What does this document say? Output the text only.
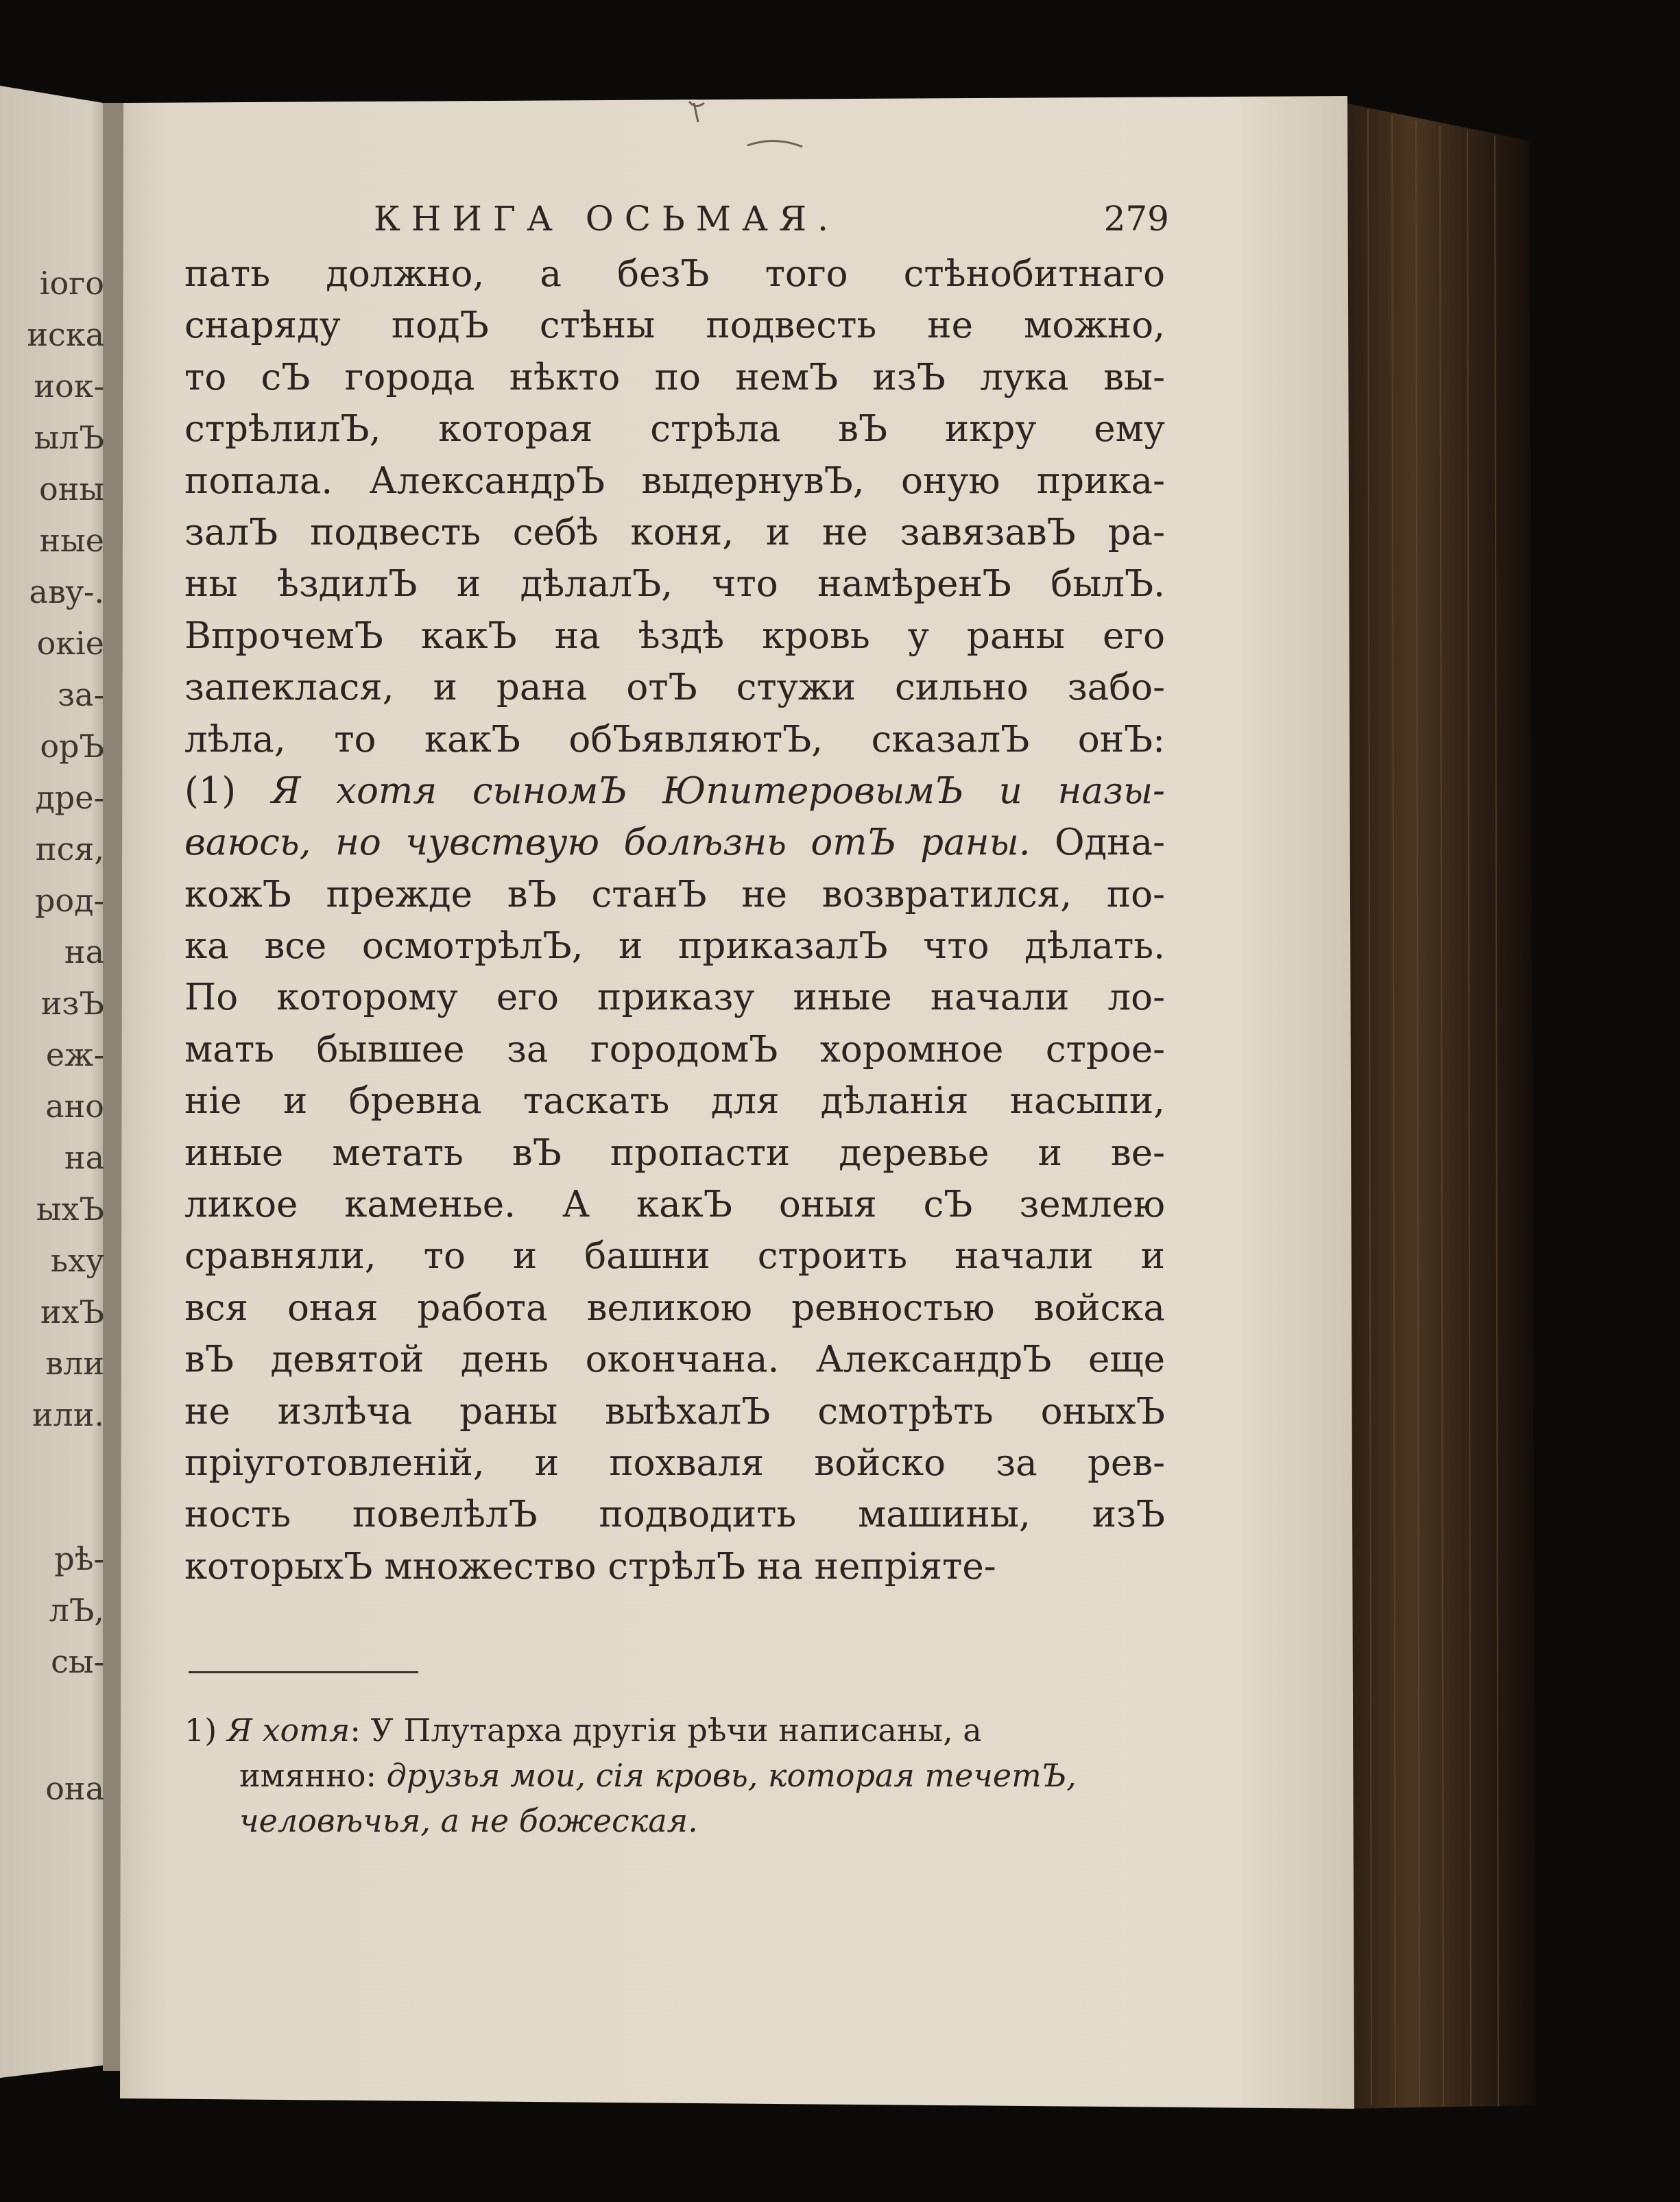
iого
иска
иок-
ылЪ
оны
ныe
авy-.
окie
за-
орЪ
дре-
пся,
род-
на
изЪ
еж-
ано
на
ыхЪ
ьху
ихЪ
вли
или.
рѣ-
лЪ,
сы-
она
КНИГА ОСЬМАЯ.	279
пать должно, а безЪ того стѣнобитнаго
снаряду подЪ стѣны подвесть не можно,
то сЪ города нѣкто по немЪ изЪ лука вы-
стрѣлилЪ, которая стрѣла вЪ икру ему
попала. АлександрЪ выдернувЪ, оную прика-
залЪ подвесть себѣ коня, и не завязавЪ ра-
ны ѣздилЪ и дѣлалЪ, что намѣренЪ былЪ.
ВпрочемЪ какЪ на ѣздѣ кровь у раны его
запеклася, и рана отЪ стужи сильно забо-
лѣла, то какЪ обЪявляютЪ, сказалЪ онЪ:
(1) Я хотя сыномЪ ЮпитеровымЪ и назы-
ваюсь, но чувствую болѣзнь отЪ раны. Одна-
кожЪ прежде вЪ станЪ не возвратился, по-
ка все осмотрѣлЪ, и приказалЪ что дѣлать.
По которому его приказу иные начали ло-
мать бывшее за городомЪ хоромное строе-
нie и бревна таскать для дѣланiя насыпи,
иные метать вЪ пропасти деревье и ве-
ликое каменье. А какЪ оныя сЪ землею
сравняли, то и башни строить начали и
вся оная работа великою ревностью войска
вЪ девятой день окончана. АлександрЪ еще
не излѣча раны выѣхалЪ смотрѣть оныхЪ
прiуготовленiй, и похваля войско за рев-
ность повелѣлЪ подводить машины, изЪ
которыхЪ множество стрѣлЪ на непрiяте-
1) Я хотя: У Плутарха другiя рѣчи написаны, а
имянно: друзья мои, сiя кровь, которая течетЪ,
человѣчья, а не божеская.
